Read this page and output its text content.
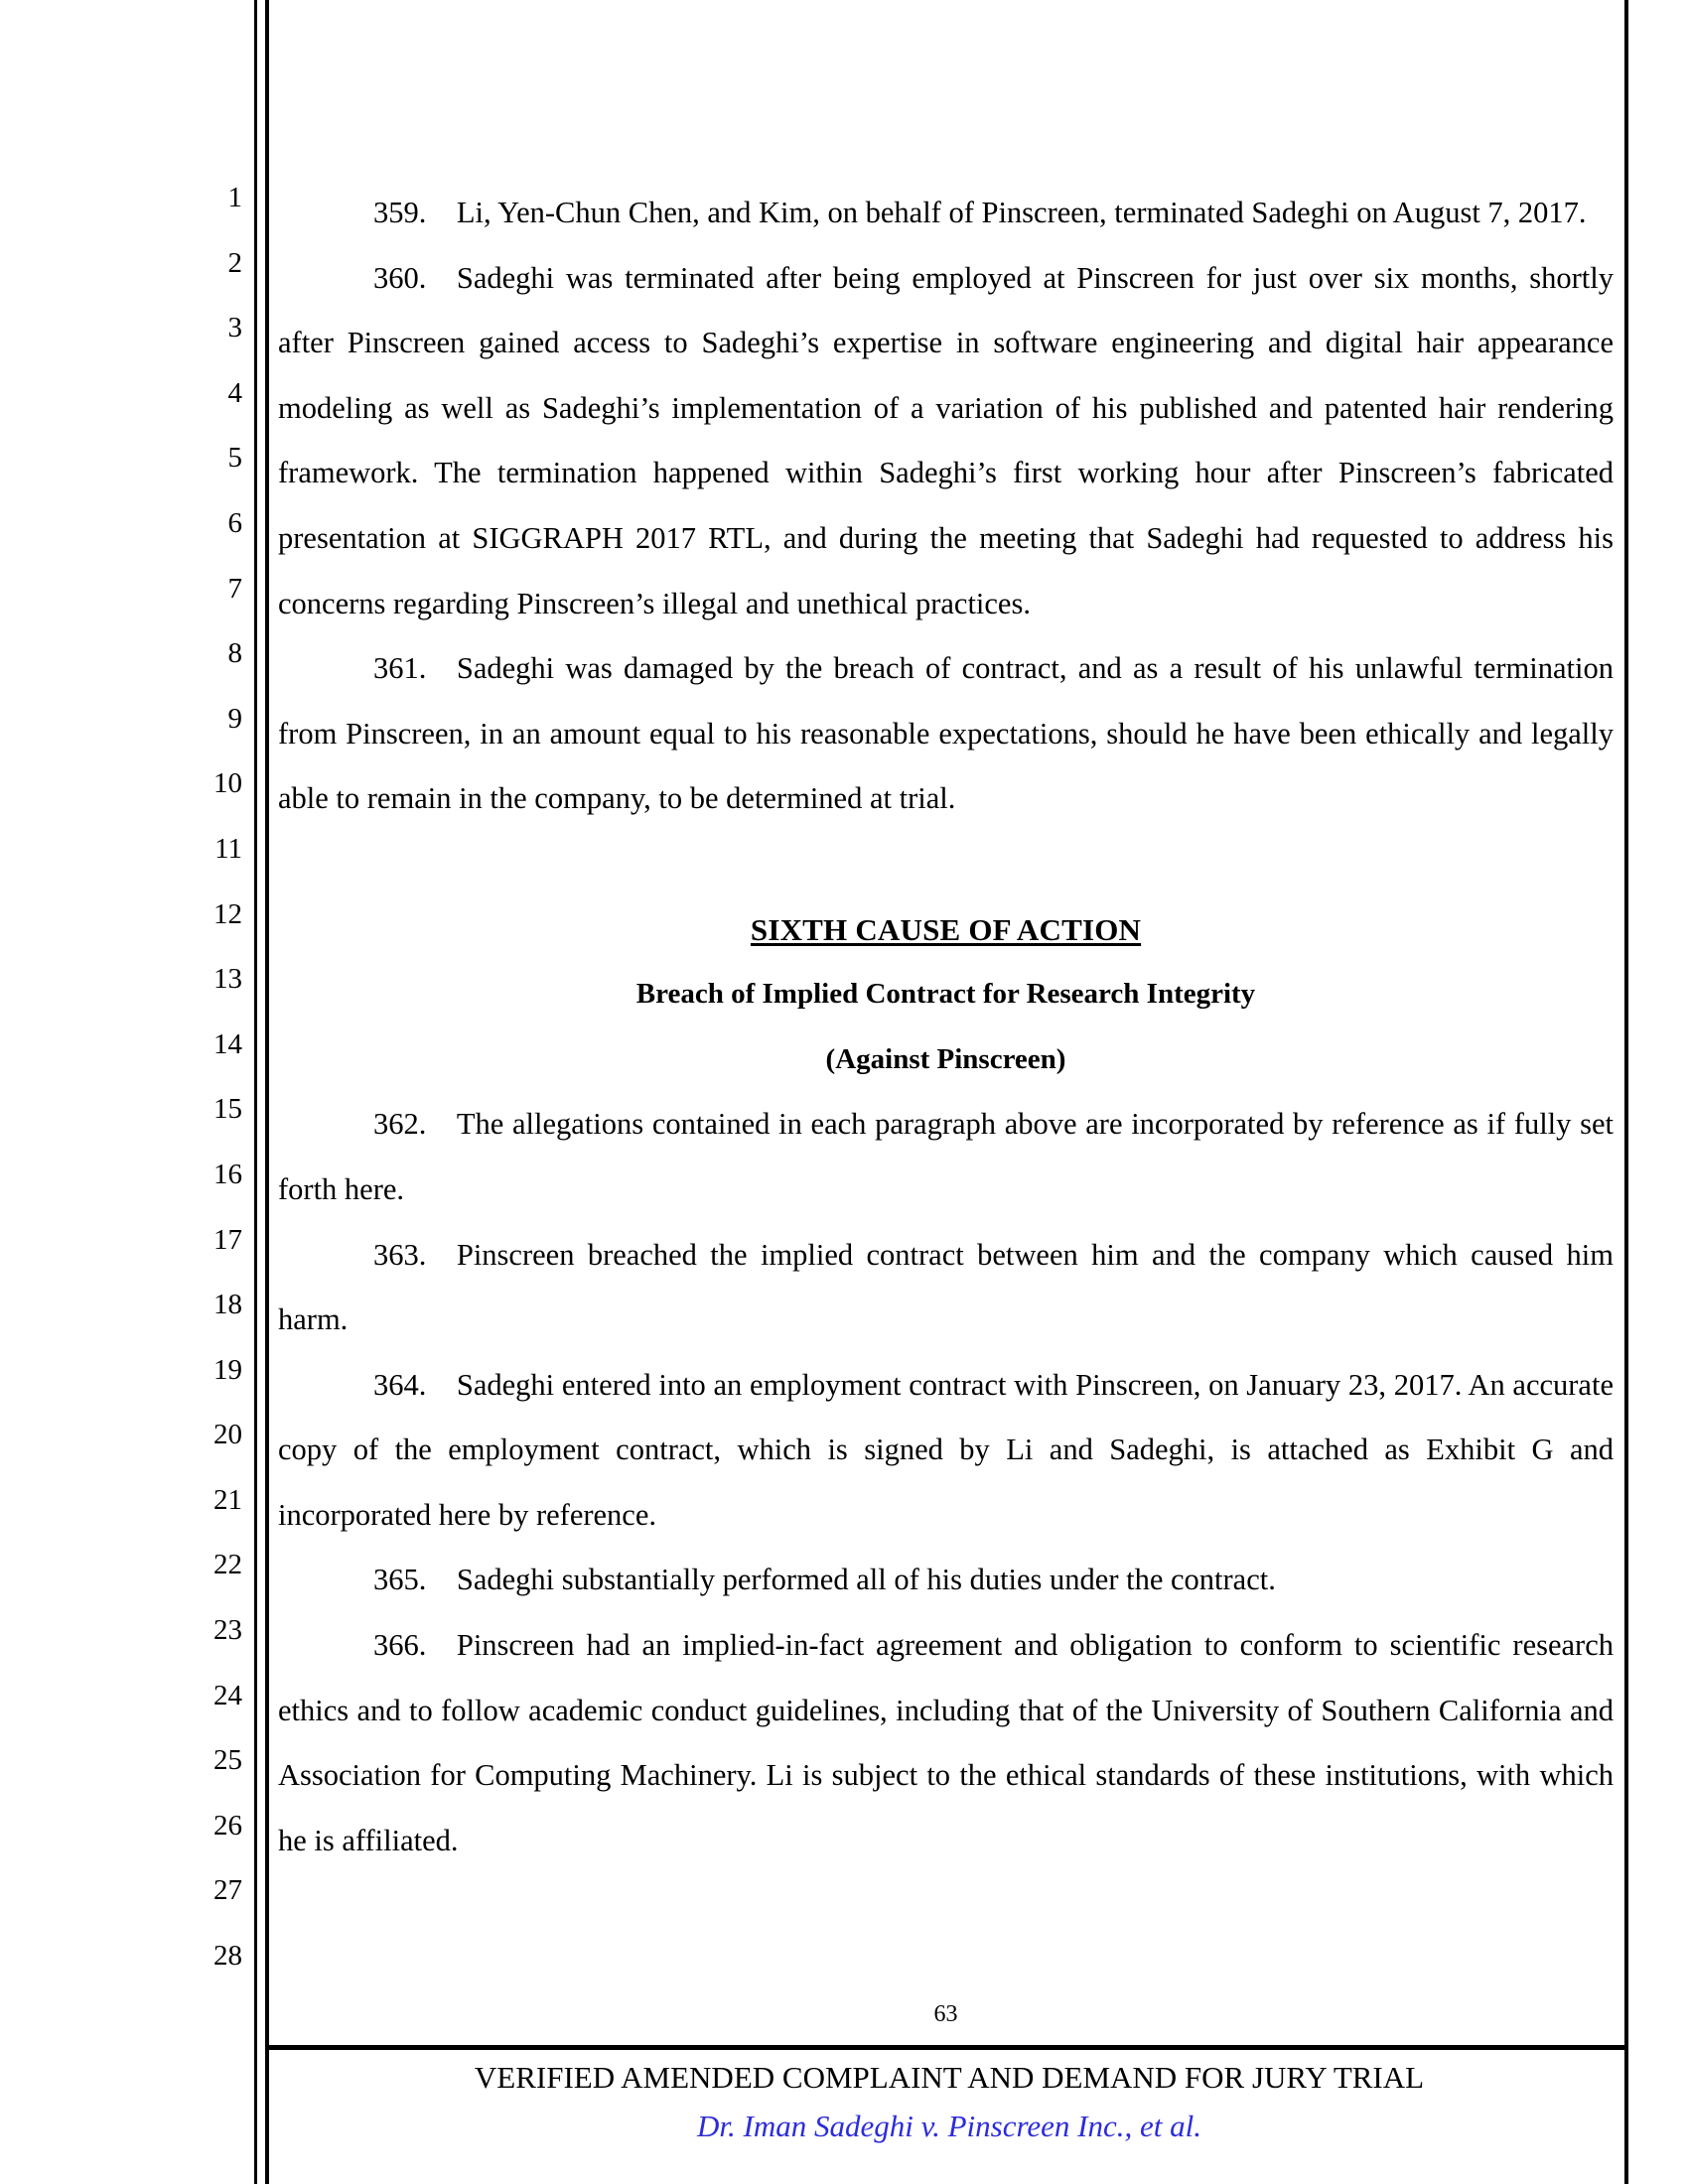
1
2
3
4
5
6
7
8
9
10
11
12
13
14
15
16
17
18
19
20
21
22
23
24
25
26
27
28

359. Li, Yen-Chun Chen, and Kim, on behalf of Pinscreen, terminated Sadeghi on August 7, 2017.

360. Sadeghi was terminated after being employed at Pinscreen for just over six months, shortly after Pinscreen gained access to Sadeghi’s expertise in software engineering and digital hair appearance modeling as well as Sadeghi’s implementation of a variation of his published and patented hair rendering framework. The termination happened within Sadeghi’s first working hour after Pinscreen’s fabricated presentation at SIGGRAPH 2017 RTL, and during the meeting that Sadeghi had requested to address his concerns regarding Pinscreen’s illegal and unethical practices.

361. Sadeghi was damaged by the breach of contract, and as a result of his unlawful termination from Pinscreen, in an amount equal to his reasonable expectations, should he have been ethically and legally able to remain in the company, to be determined at trial.

SIXTH CAUSE OF ACTION
Breach of Implied Contract for Research Integrity
(Against Pinscreen)

362. The allegations contained in each paragraph above are incorporated by reference as if fully set forth here.

363. Pinscreen breached the implied contract between him and the company which caused him harm.

364. Sadeghi entered into an employment contract with Pinscreen, on January 23, 2017. An accurate copy of the employment contract, which is signed by Li and Sadeghi, is attached as Exhibit G and incorporated here by reference.

365. Sadeghi substantially performed all of his duties under the contract.

366. Pinscreen had an implied-in-fact agreement and obligation to conform to scientific research ethics and to follow academic conduct guidelines, including that of the University of Southern California and Association for Computing Machinery. Li is subject to the ethical standards of these institutions, with which he is affiliated.

63
VERIFIED AMENDED COMPLAINT AND DEMAND FOR JURY TRIAL
Dr. Iman Sadeghi v. Pinscreen Inc., et al.
